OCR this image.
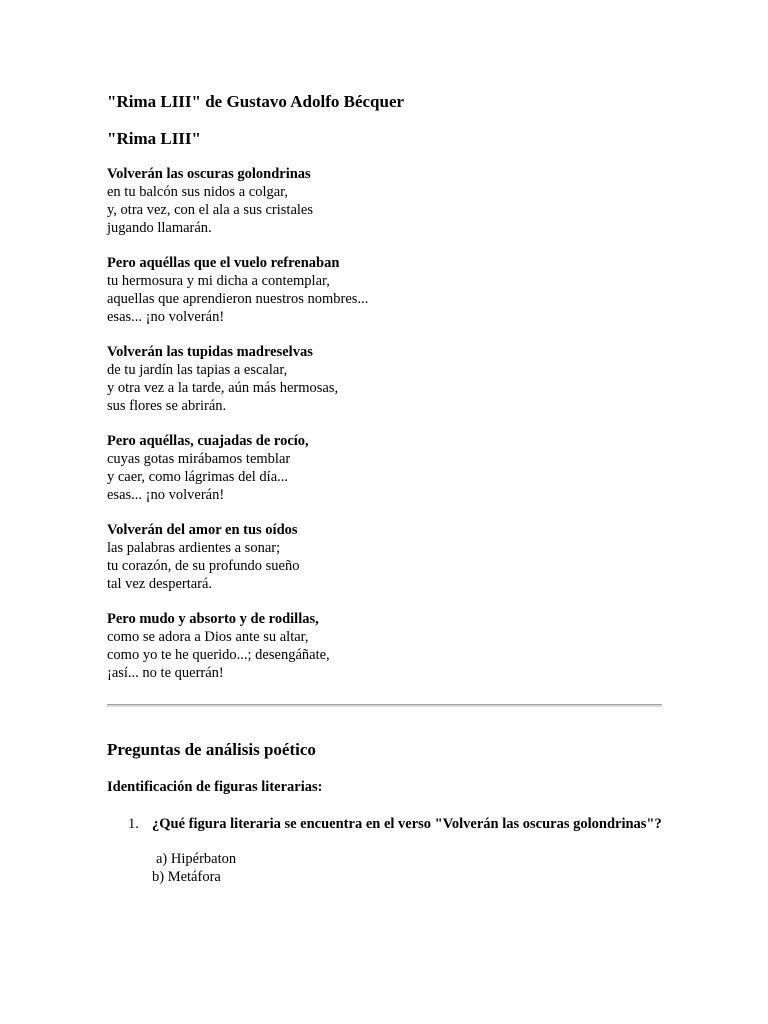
"Rima LIII" de Gustavo Adolfo Bécquer
"Rima LIII"
Volverán las oscuras golondrinas
en tu balcón sus nidos a colgar,
y, otra vez, con el ala a sus cristales
jugando llamarán.
Pero aquéllas que el vuelo refrenaban
tu hermosura y mi dicha a contemplar,
aquellas que aprendieron nuestros nombres...
esas... ¡no volverán!
Volverán las tupidas madreselvas
de tu jardín las tapias a escalar,
y otra vez a la tarde, aún más hermosas,
sus flores se abrirán.
Pero aquéllas, cuajadas de rocío,
cuyas gotas mirábamos temblar
y caer, como lágrimas del día...
esas... ¡no volverán!
Volverán del amor en tus oídos
las palabras ardientes a sonar;
tu corazón, de su profundo sueño
tal vez despertará.
Pero mudo y absorto y de rodillas,
como se adora a Dios ante su altar,
como yo te he querido...; desengáñate,
¡así... no te querrán!
Preguntas de análisis poético
Identificación de figuras literarias:
1. ¿Qué figura literaria se encuentra en el verso "Volverán las oscuras golondrinas"?
a) Hipérbaton
b) Metáfora
